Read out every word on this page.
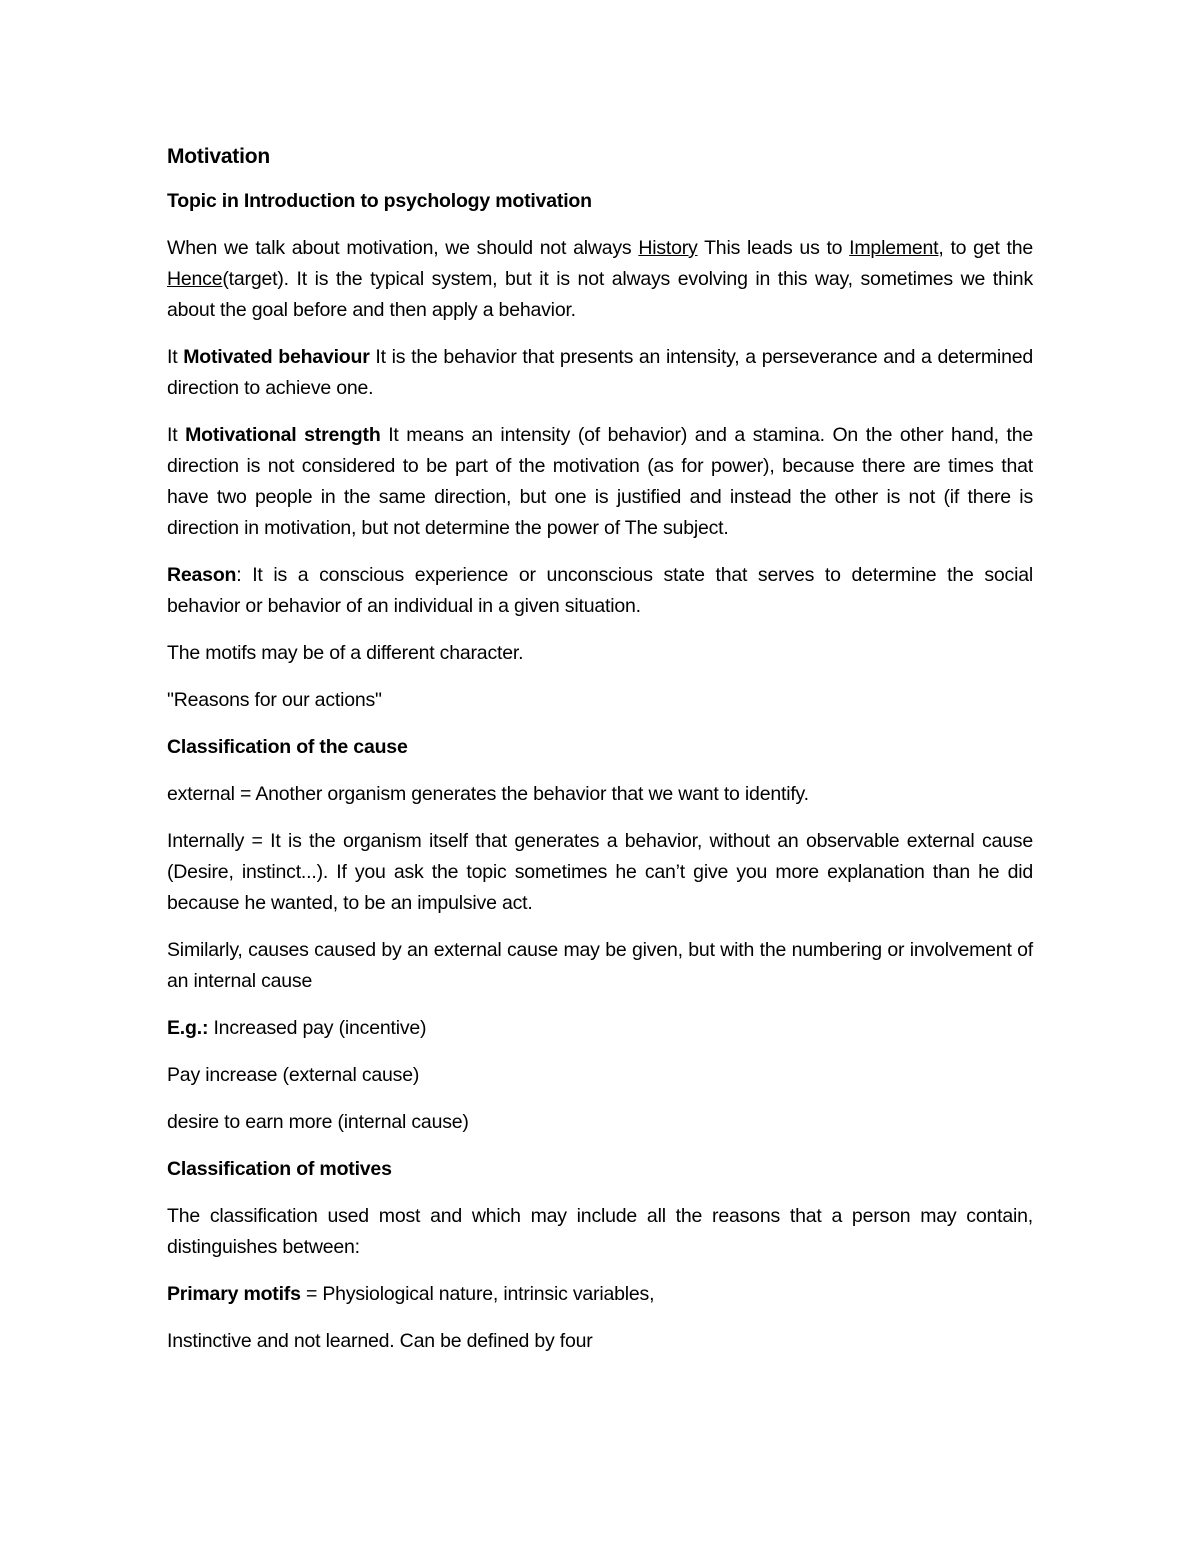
Motivation

Topic in Introduction to psychology motivation

When we talk about motivation, we should not always History This leads us to Implement, to get the Hence(target). It is the typical system, but it is not always evolving in this way, sometimes we think about the goal before and then apply a behavior.

It Motivated behaviour It is the behavior that presents an intensity, a perseverance and a determined direction to achieve one.

It Motivational strength It means an intensity (of behavior) and a stamina. On the other hand, the direction is not considered to be part of the motivation (as for power), because there are times that have two people in the same direction, but one is justified and instead the other is not (if there is direction in motivation, but not determine the power of The subject.

Reason: It is a conscious experience or unconscious state that serves to determine the social behavior or behavior of an individual in a given situation.

The motifs may be of a different character.

"Reasons for our actions"

Classification of the cause

external = Another organism generates the behavior that we want to identify.

Internally = It is the organism itself that generates a behavior, without an observable external cause (Desire, instinct...). If you ask the topic sometimes he can’t give you more explanation than he did because he wanted, to be an impulsive act.

Similarly, causes caused by an external cause may be given, but with the numbering or involvement of an internal cause

E.g.: Increased pay (incentive)

Pay increase (external cause)

desire to earn more (internal cause)

Classification of motives

The classification used most and which may include all the reasons that a person may contain, distinguishes between:

Primary motifs = Physiological nature, intrinsic variables,

Instinctive and not learned. Can be defined by four
